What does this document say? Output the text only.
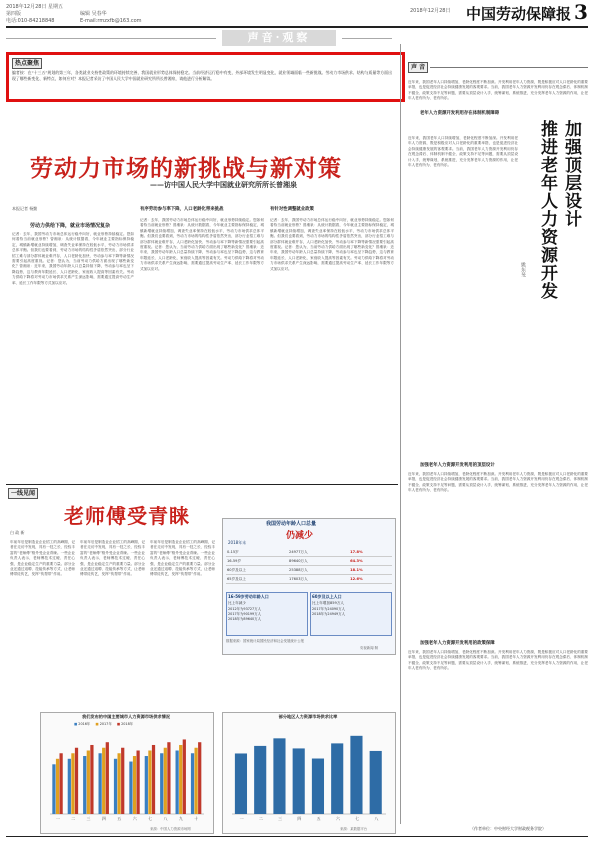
2018年12月28日 星期五
第四版
电话:010-84218848
编辑 吴春华
E-mail:rmzxfb@163.com
2018年12月28日 中国劳动保障报 3
声音·观察
热点聚焦
编者按：在“十三五”规划的第三年，各类就业支持性政策的环境持续完善，我国就业形势总体保持稳定。当前经济运行稳中有变，外部环境发生明显变化，就业领域面临一些新挑战。劳动力市场供求、结构与质量等方面出现了哪些新变化、新特点，如何应对？本报记者采访了中国人民大学中国就业研究所所长曾湘泉，请他进行分析解读。
劳动力市场的新挑战与新对策
——访中国人民大学中国就业研究所所长曾湘泉
本报记者 杨勤
劳动力供给下降，就业市场情况复杂
记者：去年，我国劳动力市场总体运行稳中向好，就业形势持续稳定。您如何看待当前就业形势？曾湘泉：从统计数据看，今年就业主要指标保持稳定，城镇新增就业持续增加，调查失业率保持在较低水平，劳动力市场供求总体平衡。但我们也要看到，劳动力市场的结构性矛盾依然突出，部分行业招工难与部分群体就业难并存，人口老龄化加快、劳动参与率下降等新情况需要引起高度重视。记者：您认为，当前劳动力供给方面出现了哪些新变化？曾湘泉：近年来，我国劳动年龄人口总量持续下降，劳动参与率也呈下降趋势，这与教育年限延长、人口老龄化、家庭收入提高等因素有关。劳动力供给下降将对劳动力市场供求关系产生深远影响，需要通过提高劳动生产率、延长工作年限等方式加以应对。
有序劳动参与率下降，人口老龄化带来挑战
记者：去年，我国劳动力市场总体运行稳中向好，就业形势持续稳定。您如何看待当前就业形势？曾湘泉：从统计数据看，今年就业主要指标保持稳定，城镇新增就业持续增加，调查失业率保持在较低水平，劳动力市场供求总体平衡。但我们也要看到，劳动力市场的结构性矛盾依然突出，部分行业招工难与部分群体就业难并存，人口老龄化加快、劳动参与率下降等新情况需要引起高度重视。记者：您认为，当前劳动力供给方面出现了哪些新变化？曾湘泉：近年来，我国劳动年龄人口总量持续下降，劳动参与率也呈下降趋势，这与教育年限延长、人口老龄化、家庭收入提高等因素有关。劳动力供给下降将对劳动力市场供求关系产生深远影响，需要通过提高劳动生产率、延长工作年限等方式加以应对。
有针对性调整就业政策
记者：去年，我国劳动力市场总体运行稳中向好，就业形势持续稳定。您如何看待当前就业形势？曾湘泉：从统计数据看，今年就业主要指标保持稳定，城镇新增就业持续增加，调查失业率保持在较低水平，劳动力市场供求总体平衡。但我们也要看到，劳动力市场的结构性矛盾依然突出，部分行业招工难与部分群体就业难并存，人口老龄化加快、劳动参与率下降等新情况需要引起高度重视。记者：您认为，当前劳动力供给方面出现了哪些新变化？曾湘泉：近年来，我国劳动年龄人口总量持续下降，劳动参与率也呈下降趋势，这与教育年限延长、人口老龄化、家庭收入提高等因素有关。劳动力供给下降将对劳动力市场供求关系产生深远影响，需要通过提高劳动生产率、延长工作年限等方式加以应对。
声 音
加强顶层设计
推进老年人力资源开发
姚东旻
近年来，我国老年人口持续增加，老龄化程度不断加深。开发利用老年人力资源，既是积极应对人口老龄化的重要举措，也是促进经济社会持续健康发展的客观要求。当前，我国老年人力资源开发利用仍存在观念滞后、体制机制不健全、政策支持不足等问题，需要从顶层设计入手，统筹谋划，系统推进，充分发挥老年人力资源的作用，让老年人老有所为、老有所乐。
近年来，我国老年人口持续增加，老龄化程度不断加深。开发利用老年人力资源，既是积极应对人口老龄化的重要举措，也是促进经济社会持续健康发展的客观要求。当前，我国老年人力资源开发利用仍存在观念滞后、体制机制不健全、政策支持不足等问题，需要从顶层设计入手，统筹谋划，系统推进，充分发挥老年人力资源的作用，让老年人老有所为、老有所乐。
老年人力资源开发利用存在体制机制障碍
加强老年人力资源开发利用的顶层设计
近年来，我国老年人口持续增加，老龄化程度不断加深。开发利用老年人力资源，既是积极应对人口老龄化的重要举措，也是促进经济社会持续健康发展的客观要求。当前，我国老年人力资源开发利用仍存在观念滞后、体制机制不健全、政策支持不足等问题，需要从顶层设计入手，统筹谋划，系统推进，充分发挥老年人力资源的作用，让老年人老有所为、老有所乐。
加强老年人力资源开发利用的政策保障
近年来，我国老年人口持续增加，老龄化程度不断加深。开发利用老年人力资源，既是积极应对人口老龄化的重要举措，也是促进经济社会持续健康发展的客观要求。当前，我国老年人力资源开发利用仍存在观念滞后、体制机制不健全、政策支持不足等问题，需要从顶层设计入手，统筹谋划，系统推进，充分发挥老年人力资源的作用，让老年人老有所为、老有所乐。
（作者单位：中央财经大学财政税务学院）
一线见闻
老师傅受青睐
白 政 新
年前年后是制造业企业招工的高峰期，记者在走访中发现，具有一技之长、经验丰富的“老师傅”格外受企业青睐。一些企业负责人表示，老师傅技术过硬、责任心强，是企业稳定生产的重要力量。部分企业还通过返聘、技能传承等方式，让老师傅带徒传艺，发挥“传帮带”作用。
年前年后是制造业企业招工的高峰期，记者在走访中发现，具有一技之长、经验丰富的“老师傅”格外受企业青睐。一些企业负责人表示，老师傅技术过硬、责任心强，是企业稳定生产的重要力量。部分企业还通过返聘、技能传承等方式，让老师傅带徒传艺，发挥“传帮带”作用。
年前年后是制造业企业招工的高峰期，记者在走访中发现，具有一技之长、经验丰富的“老师傅”格外受企业青睐。一些企业负责人表示，老师傅技术过硬、责任心强，是企业稳定生产的重要力量。部分企业还通过返聘、技能传承等方式，让老师傅带徒传艺，发挥“传帮带”作用。
我国劳动年龄人口总量
仍减少
2018年末
0-15岁	24977万人	17.8%
16-59岁	89640万人	64.3%
60岁及以上	25388万人	18.1%
65岁及以上	17603万人	12.6%
16-59岁劳动年龄人口
比上年减少
2012年为93727万人
2017年为90199万人
2018年为89640万人
60岁及以上人口
比上年增加859万人
2017年为24090万人
2018年为24949万人
数据来源：国家统计局国民经济和社会发展统计公报
央视新闻 制
我们发布的中国主要城市人力资源市场供求情况
■ 2016年 ■ 2017年 ■ 2018年
一	二	三	四	五	六	七	八	九	十
来源：中国人力资源市场网
部分地区人力资源市场供求比率
一	二	三	四	五	六	七	八
来源：某数据平台
